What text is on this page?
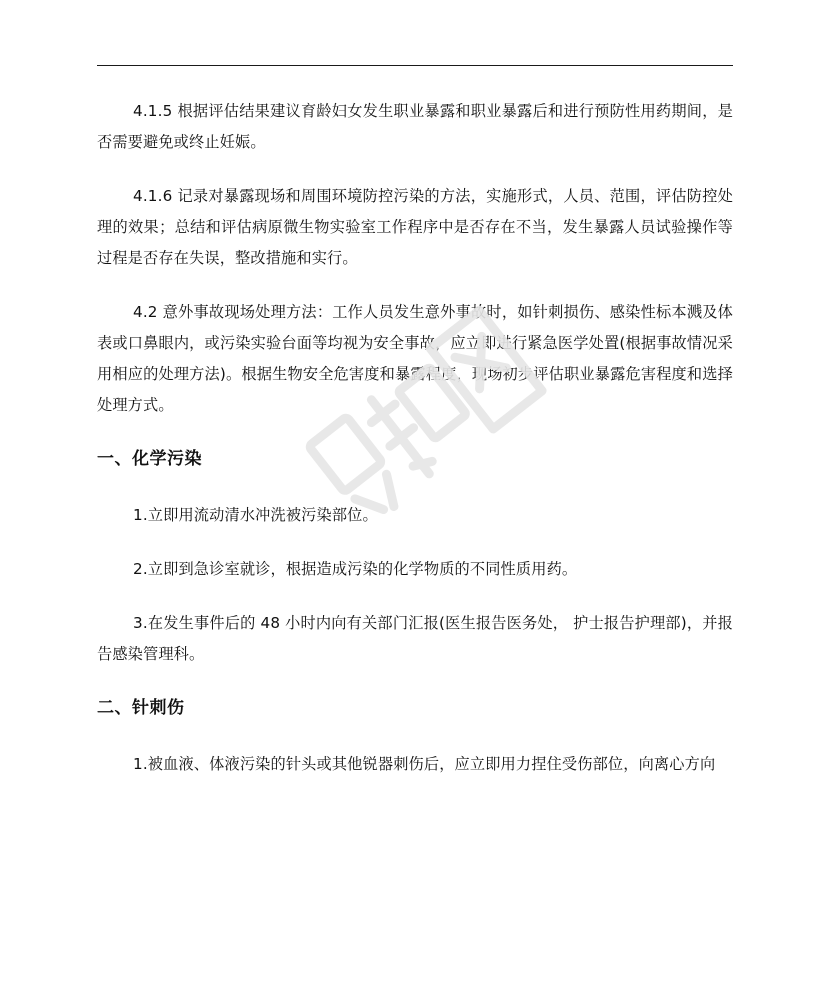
4.1.5 根据评估结果建议育龄妇女发生职业暴露和职业暴露后和进行预防性用药期间，是否需要避免或终止妊娠。

4.1.6 记录对暴露现场和周围环境防控污染的方法，实施形式，人员、范围，评估防控处理的效果；总结和评估病原微生物实验室工作程序中是否存在不当，发生暴露人员试验操作等过程是否存在失误，整改措施和实行。

4.2 意外事故现场处理方法：工作人员发生意外事故时，如针刺损伤、感染性标本溅及体表或口鼻眼内，或污染实验台面等均视为安全事故，应立即进行紧急医学处置(根据事故情况采用相应的处理方法)。根据生物安全危害度和暴露程度，现场初步评估职业暴露危害程度和选择处理方式。

一、化学污染

1.立即用流动清水冲洗被污染部位。

2.立即到急诊室就诊，根据造成污染的化学物质的不同性质用药。

3.在发生事件后的 48 小时内向有关部门汇报(医生报告医务处， 护士报告护理部)，并报告感染管理科。

二、针刺伤

1.被血液、体液污染的针头或其他锐器刺伤后，应立即用力捏住受伤部位，向离心方向
